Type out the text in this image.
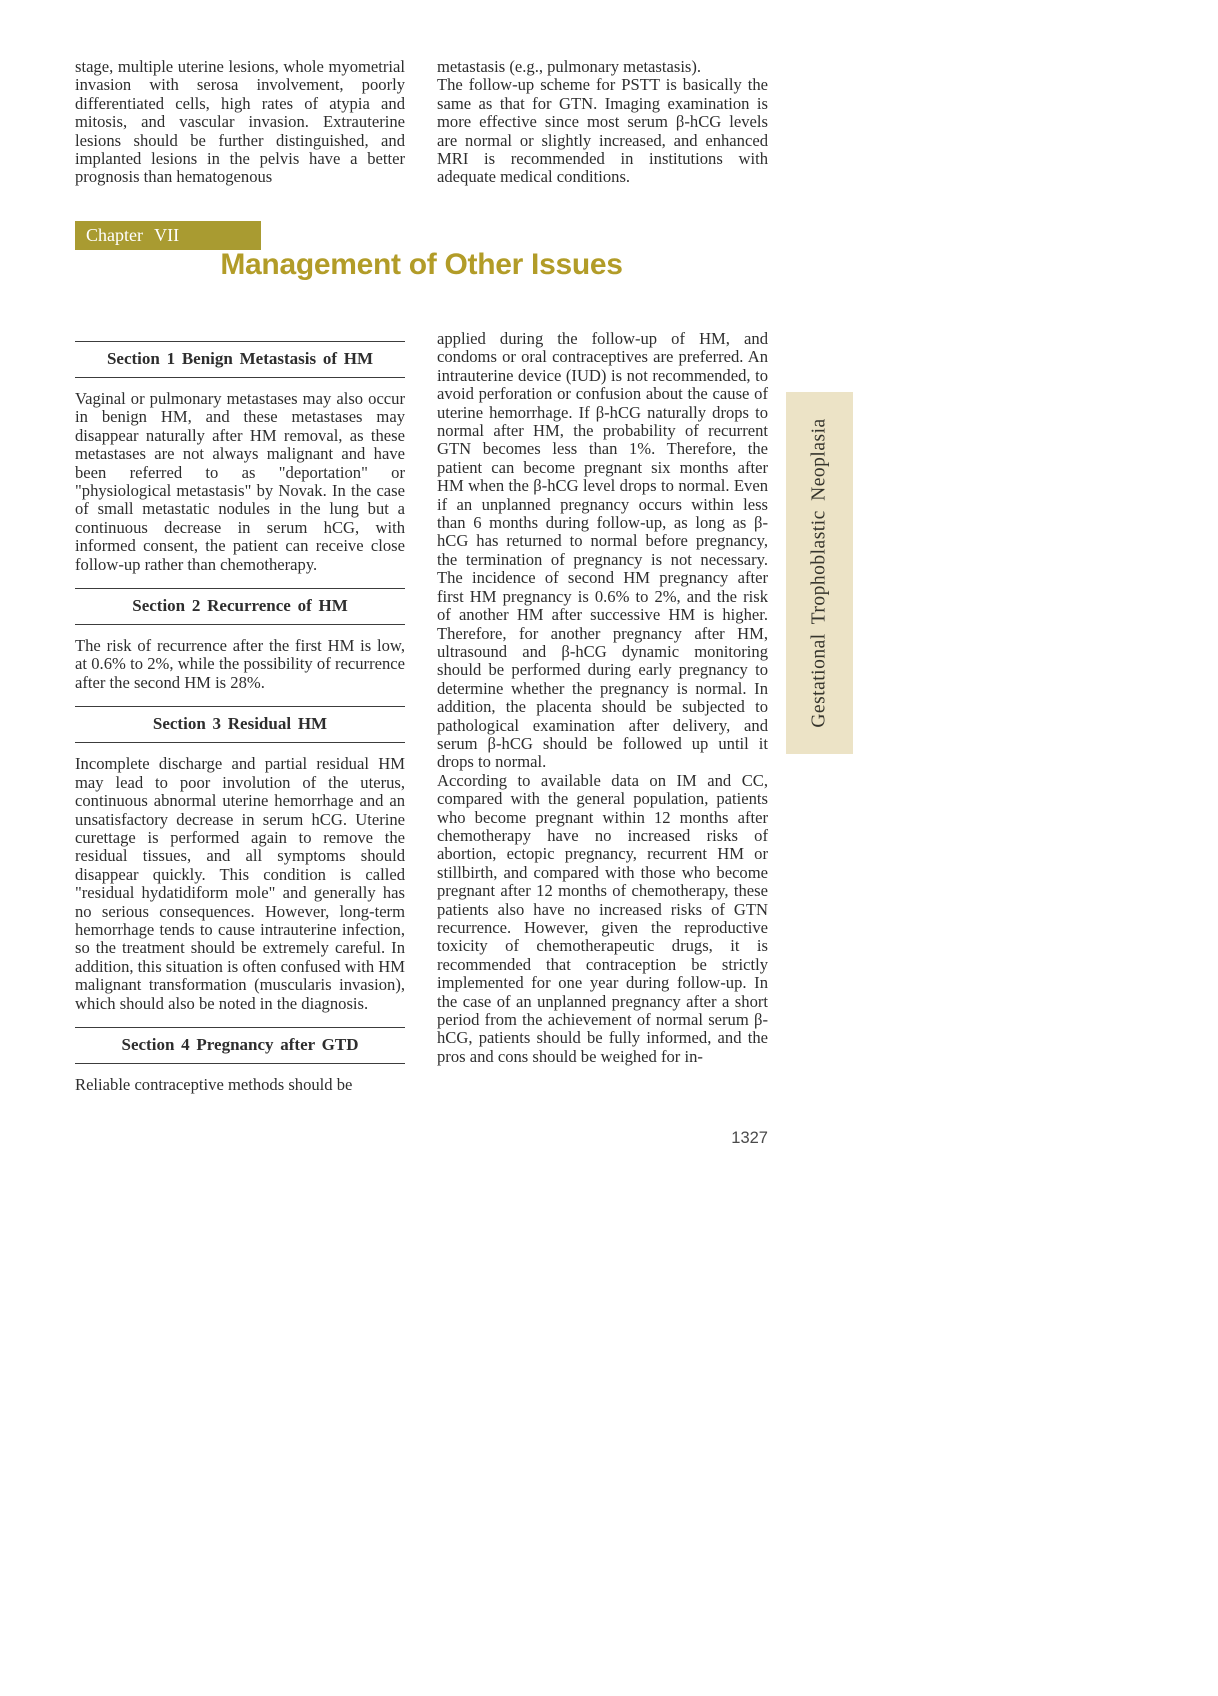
stage, multiple uterine lesions, whole myometrial invasion with serosa involvement, poorly differentiated cells, high rates of atypia and mitosis, and vascular invasion. Extrauterine lesions should be further distinguished, and implanted lesions in the pelvis have a better prognosis than hematogenous

metastasis (e.g., pulmonary metastasis).

The follow-up scheme for PSTT is basically the same as that for GTN. Imaging examination is more effective since most serum β-hCG levels are normal or slightly increased, and enhanced MRI is recommended in institutions with adequate medical conditions.

Chapter VII
Management of Other Issues
Section 1 Benign Metastasis of HM

Vaginal or pulmonary metastases may also occur in benign HM, and these metastases may disappear naturally after HM removal, as these metastases are not always malignant and have been referred to as "deportation" or "physiological metastasis" by Novak. In the case of small metastatic nodules in the lung but a continuous decrease in serum hCG, with informed consent, the patient can receive close follow-up rather than chemotherapy.

Section 2 Recurrence of HM

The risk of recurrence after the first HM is low, at 0.6% to 2%, while the possibility of recurrence after the second HM is 28%.

Section 3 Residual HM

Incomplete discharge and partial residual HM may lead to poor involution of the uterus, continuous abnormal uterine hemorrhage and an unsatisfactory decrease in serum hCG. Uterine curettage is performed again to remove the residual tissues, and all symptoms should disappear quickly. This condition is called "residual hydatidiform mole" and generally has no serious consequences. However, long-term hemorrhage tends to cause intrauterine infection, so the treatment should be extremely careful. In addition, this situation is often confused with HM malignant transformation (muscularis invasion), which should also be noted in the diagnosis.

Section 4 Pregnancy after GTD

Reliable contraceptive methods should be

applied during the follow-up of HM, and condoms or oral contraceptives are preferred. An intrauterine device (IUD) is not recommended, to avoid perforation or confusion about the cause of uterine hemorrhage. If β-hCG naturally drops to normal after HM, the probability of recurrent GTN becomes less than 1%. Therefore, the patient can become pregnant six months after HM when the β-hCG level drops to normal. Even if an unplanned pregnancy occurs within less than 6 months during follow-up, as long as β-hCG has returned to normal before pregnancy, the termination of pregnancy is not necessary. The incidence of second HM pregnancy after first HM pregnancy is 0.6% to 2%, and the risk of another HM after successive HM is higher. Therefore, for another pregnancy after HM, ultrasound and β-hCG dynamic monitoring should be performed during early pregnancy to determine whether the pregnancy is normal. In addition, the placenta should be subjected to pathological examination after delivery, and serum β-hCG should be followed up until it drops to normal.

According to available data on IM and CC, compared with the general population, patients who become pregnant within 12 months after chemotherapy have no increased risks of abortion, ectopic pregnancy, recurrent HM or stillbirth, and compared with those who become pregnant after 12 months of chemotherapy, these patients also have no increased risks of GTN recurrence. However, given the reproductive toxicity of chemotherapeutic drugs, it is recommended that contraception be strictly implemented for one year during follow-up. In the case of an unplanned pregnancy after a short period from the achievement of normal serum β-hCG, patients should be fully informed, and the pros and cons should be weighed for in-

Gestational Trophoblastic Neoplasia
1327
